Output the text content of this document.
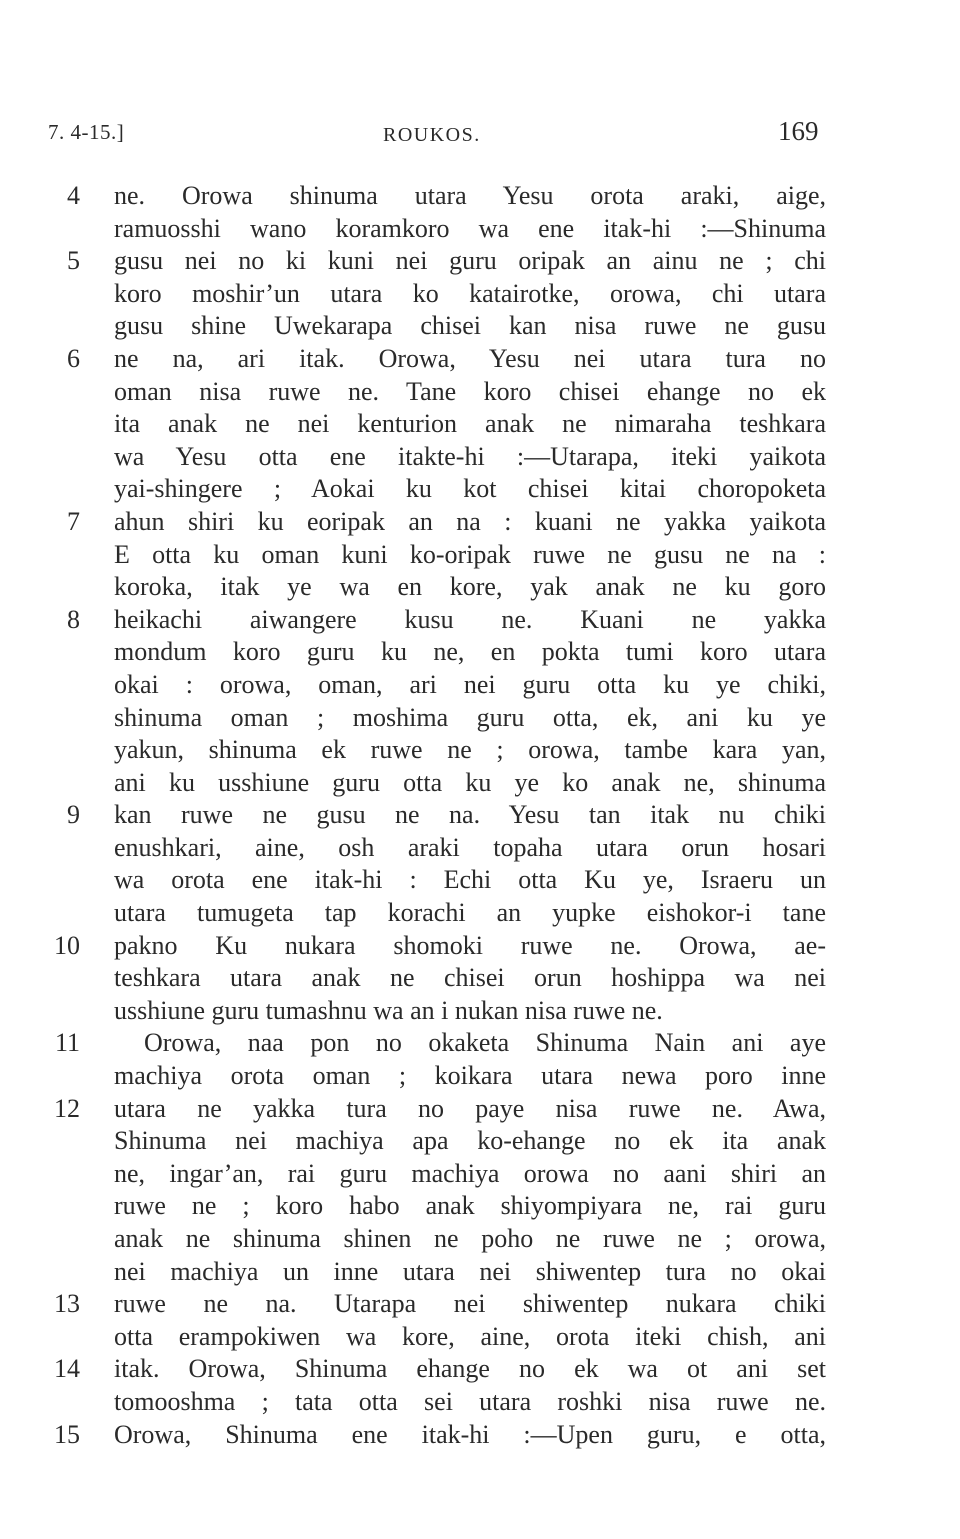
7. 4-15.]	ROUKOS.	169
4 ne. Orowa shinuma utara Yesu orota araki, aige,
ramuosshi wano koramkoro wa ene itak-hi :—Shinuma
5 gusu nei no ki kuni nei guru oripak an ainu ne ; chi
koro moshir’un utara ko katairotke, orowa, chi utara
gusu shine Uwekarapa chisei kan nisa ruwe ne gusu
6 ne na, ari itak. Orowa, Yesu nei utara tura no
oman nisa ruwe ne. Tane koro chisei ehange no ek
ita anak ne nei kenturion anak ne nimaraha teshkara
wa Yesu otta ene itakte-hi :—Utarapa, iteki yaikota
yai-shingere ; Aokai ku kot chisei kitai choropoketa
7 ahun shiri ku eoripak an na : kuani ne yakka yaikota
E otta ku oman kuni ko-oripak ruwe ne gusu ne na :
koroka, itak ye wa en kore, yak anak ne ku goro
8 heikachi aiwangere kusu ne. Kuani ne yakka
mondum koro guru ku ne, en pokta tumi koro utara
okai : orowa, oman, ari nei guru otta ku ye chiki,
shinuma oman ; moshima guru otta, ek, ani ku ye
yakun, shinuma ek ruwe ne ; orowa, tambe kara yan,
ani ku usshiune guru otta ku ye ko anak ne, shinuma
9 kan ruwe ne gusu ne na. Yesu tan itak nu chiki
enushkari, aine, osh araki topaha utara orun hosari
wa orota ene itak-hi : Echi otta Ku ye, Israeru un
utara tumugeta tap korachi an yupke eishokor-i tane
10 pakno Ku nukara shomoki ruwe ne. Orowa, ae-
teshkara utara anak ne chisei orun hoshippa wa nei
usshiune guru tumashnu wa an i nukan nisa ruwe ne.
11	Orowa, naa pon no okaketa Shinuma Nain ani aye
machiya orota oman ; koikara utara newa poro inne
12 utara ne yakka tura no paye nisa ruwe ne. Awa,
Shinuma nei machiya apa ko-ehange no ek ita anak
ne, ingar’an, rai guru machiya orowa no aani shiri an
ruwe ne ; koro habo anak shiyompiyara ne, rai guru
anak ne shinuma shinen ne poho ne ruwe ne ; orowa,
nei machiya un inne utara nei shiwentep tura no okai
13 ruwe ne na. Utarapa nei shiwentep nukara chiki
otta erampokiwen wa kore, aine, orota iteki chish, ani
14 itak. Orowa, Shinuma ehange no ek wa ot ani set
tomooshma ; tata otta sei utara roshki nisa ruwe ne.
15 Orowa, Shinuma ene itak-hi :—Upen guru, e otta,
